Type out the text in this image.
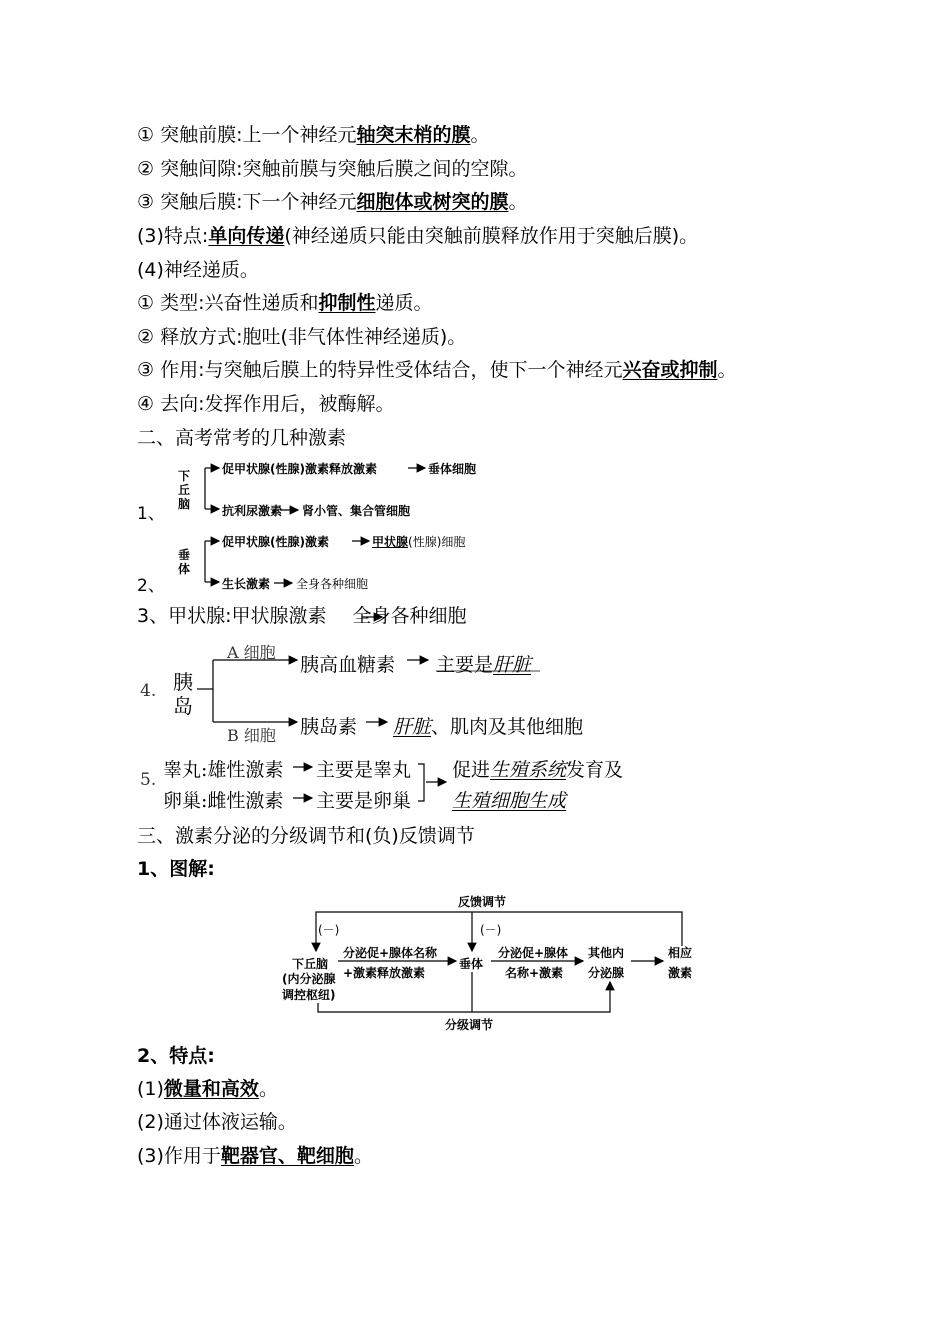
① 突触前膜:上一个神经元轴突末梢的膜。
② 突触间隙:突触前膜与突触后膜之间的空隙。
③ 突触后膜:下一个神经元细胞体或树突的膜。
(3)特点:单向传递(神经递质只能由突触前膜释放作用于突触后膜)。
(4)神经递质。
① 类型:兴奋性递质和抑制性递质。
② 释放方式:胞吐(非气体性神经递质)。
③ 作用:与突触后膜上的特异性受体结合，使下一个神经元兴奋或抑制。
④ 去向:发挥作用后，被酶解。
二、高考常考的几种激素
1、
下
丘
脑
促甲状腺(性腺)激素释放激素	垂体细胞
抗利尿激素 肾小管、集合管细胞
2、
垂
体
促甲状腺(性腺)激素	甲状腺(性腺)细胞
生长激素 全身各种细胞
3、甲状腺:甲状腺激素 全身各种细胞
4. 胰
岛
A 细胞
胰高血糖素 主要是肝脏
B 细胞 胰岛素 肝脏、肌肉及其他细胞
5. 睾丸:雄性激素 主要是睾丸
卵巢:雌性激素 主要是卵巢
促进生殖系统发育及
生殖细胞生成
三、激素分泌的分级调节和(负)反馈调节
1、图解:
反馈调节
(－)	(－)
下丘脑
(内分泌腺
调控枢纽)
分泌促+腺体名称
+激素释放激素
垂体
分泌促+腺体
名称+激素
其他内
分泌腺
相应
激素
分级调节
2、特点:
(1)微量和高效。
(2)通过体液运输。
(3)作用于靶器官、靶细胞。
